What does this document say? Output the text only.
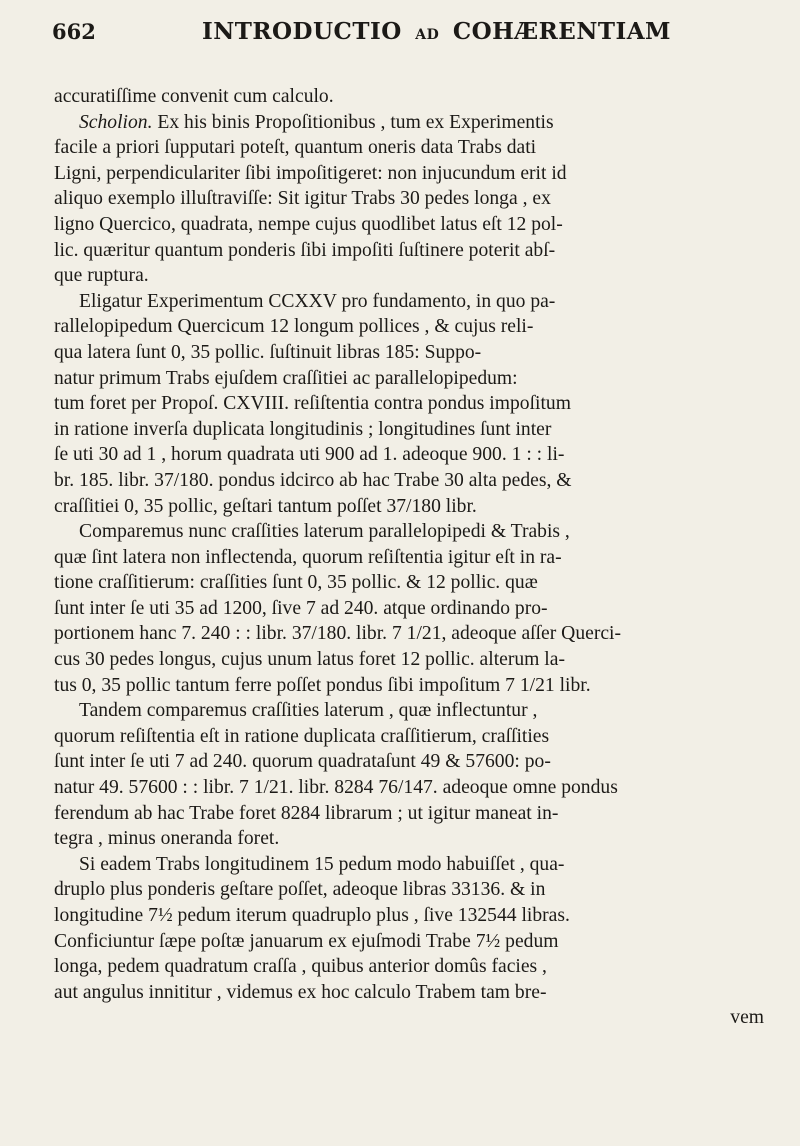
662	INTRODUCTIO AD COHÆRENTIAM
accuratiſſime convenit cum calculo.
Scholion. Ex his binis Propoſitionibus , tum ex Experimentis
facile a priori ſupputari poteſt, quantum oneris data Trabs dati
Ligni, perpendiculariter ſibi impoſitigeret: non injucundum erit id
aliquo exemplo illuſtraviſſe: Sit igitur Trabs 30 pedes longa , ex
ligno Quercico, quadrata, nempe cujus quodlibet latus eſt 12 pol-
lic. quæritur quantum ponderis ſibi impoſiti ſuſtinere poterit abſ-
que ruptura.
Eligatur Experimentum CCXXV pro fundamento, in quo pa-
rallelopipedum Quercicum 12 longum pollices , & cujus reli-
qua latera ſunt 0, 35 pollic. ſuſtinuit libras 185: Suppo-
natur primum Trabs ejuſdem craſſitiei ac parallelopipedum:
tum foret per Propoſ. CXVIII. reſiſtentia contra pondus impoſitum
in ratione inverſa duplicata longitudinis ; longitudines ſunt inter
ſe uti 30 ad 1 , horum quadrata uti 900 ad 1. adeoque 900. 1 : : li-
br. 185. libr. 37/180. pondus idcirco ab hac Trabe 30 alta pedes, &
craſſitiei 0, 35 pollic, geſtari tantum poſſet 37/180 libr.
Comparemus nunc craſſities laterum parallelopipedi & Trabis ,
quæ ſint latera non inflectenda, quorum reſiſtentia igitur eſt in ra-
tione craſſitierum: craſſities ſunt 0, 35 pollic. & 12 pollic. quæ
ſunt inter ſe uti 35 ad 1200, ſive 7 ad 240. atque ordinando pro-
portionem hanc 7. 240 : : libr. 37/180. libr. 7 1/21, adeoque aſſer Querci-
cus 30 pedes longus, cujus unum latus foret 12 pollic. alterum la-
tus 0, 35 pollic tantum ferre poſſet pondus ſibi impoſitum 7 1/21 libr.
Tandem comparemus craſſities laterum , quæ inflectuntur ,
quorum reſiſtentia eſt in ratione duplicata craſſitierum, craſſities
ſunt inter ſe uti 7 ad 240. quorum quadrataſunt 49 & 57600: po-
natur 49. 57600 : : libr. 7 1/21. libr. 8284 76/147. adeoque omne pondus
ferendum ab hac Trabe foret 8284 librarum ; ut igitur maneat in-
tegra , minus oneranda foret.
Si eadem Trabs longitudinem 15 pedum modo habuiſſet , qua-
druplo plus ponderis geſtare poſſet, adeoque libras 33136. & in
longitudine 7½ pedum iterum quadruplo plus , ſive 132544 libras.
Conficiuntur ſæpe poſtæ januarum ex ejuſmodi Trabe 7½ pedum
longa, pedem quadratum craſſa , quibus anterior domûs facies ,
aut angulus innititur , videmus ex hoc calculo Trabem tam bre-
vem
